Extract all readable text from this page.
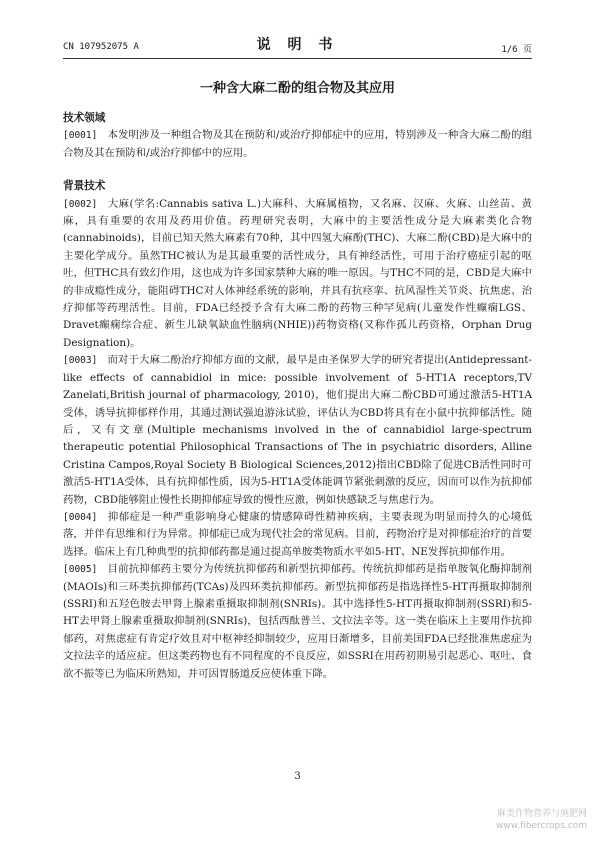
CN 107952075 A	说 明 书	1/6 页
一种含大麻二酚的组合物及其应用

技术领域

[0001] 本发明涉及一种组合物及其在预防和/或治疗抑郁症中的应用，特别涉及一种含大麻二酚的组合物及其在预防和/或治疗抑郁中的应用。

背景技术

[0002] 大麻(学名:Cannabis sativa L.)大麻科、大麻属植物，又名麻、汉麻、火麻、山丝苗、黄麻，具有重要的农用及药用价值。药理研究表明，大麻中的主要活性成分是大麻素类化合物(cannabinoids)，目前已知天然大麻素有70种，其中四氢大麻酚(THC)、大麻二酚(CBD)是大麻中的主要化学成分。虽然THC被认为是其最重要的活性成分，具有神经活性，可用于治疗癌症引起的呕吐，但THC具有致幻作用，这也成为许多国家禁种大麻的唯一原因。与THC不同的是，CBD是大麻中的非成瘾性成分，能阻碍THC对人体神经系统的影响，并具有抗痉挛、抗风湿性关节炎、抗焦虑、治疗抑郁等药理活性。目前，FDA已经授予含有大麻二酚的药物三种罕见病(儿童发作性癫痫LGS、Dravet癫痫综合症、新生儿缺氧缺血性脑病(NHIE))药物资格(又称作孤儿药资格，Orphan Drug Designation)。

[0003] 而对于大麻二酚治疗抑郁方面的文献，最早是由圣保罗大学的研究者提出(Antidepressant-like effects of cannabidiol in mice: possible involvement of 5-HT1A receptors,TV Zanelati,British journal of pharmacology, 2010)，他们提出大麻二酚CBD可通过激活5-HT1A受体，诱导抗抑郁样作用，其通过测试强迫游泳试验，评估认为CBD将具有在小鼠中抗抑郁活性。随后，又有文章(Multiple mechanisms involved in the of cannabidiol large-spectrum therapeutic potential Philosophical Transactions of The in psychiatric disorders, Alline Cristina Campos,Royal Society B Biological Sciences,2012)指出CBD除了促进CB活性同时可激活5-HT1A受体，具有抗抑郁性质，因为5-HT1A受体能调节紧张刺激的反应，因而可以作为抗抑郁药物，CBD能够阻止慢性长期抑郁症导致的慢性应激，例如快感缺乏与焦虑行为。

[0004] 抑郁症是一种严重影响身心健康的情感障碍性精神疾病，主要表现为明显而持久的心境低落，并伴有思维和行为异常。抑郁症已成为现代社会的常见病。目前，药物治疗是对抑郁症治疗的首要选择。临床上有几种典型的抗抑郁药都是通过提高单胺类物质水平如5-HT、NE发挥抗抑郁作用。

[0005] 目前抗抑郁药主要分为传统抗抑郁药和新型抗抑郁药。传统抗抑郁药是指单胺氧化酶抑制剂(MAOIs)和三环类抗抑郁药(TCAs)及四环类抗抑郁药。新型抗抑郁药是指选择性5-HT再摄取抑制剂(SSRI)和五羟色胺去甲肾上腺素重摄取抑制剂(SNRIs)。其中选择性5-HT再摄取抑制剂(SSRI)和5-HT去甲肾上腺素重摄取抑制剂(SNRIs)，包括西酞普兰、文拉法辛等。这一类在临床上主要用作抗抑郁药，对焦虑症有肯定疗效且对中枢神经抑制较少，应用日渐增多，目前美国FDA已经批准焦虑症为文拉法辛的适应症。但这类药物也有不同程度的不良反应，如SSRI在用药初期易引起恶心、呕吐、食欲不振等已为临床所熟知，并可因胃肠道反应使体重下降。

3
麻类作物营养与施肥网
www.fibercrops.com
